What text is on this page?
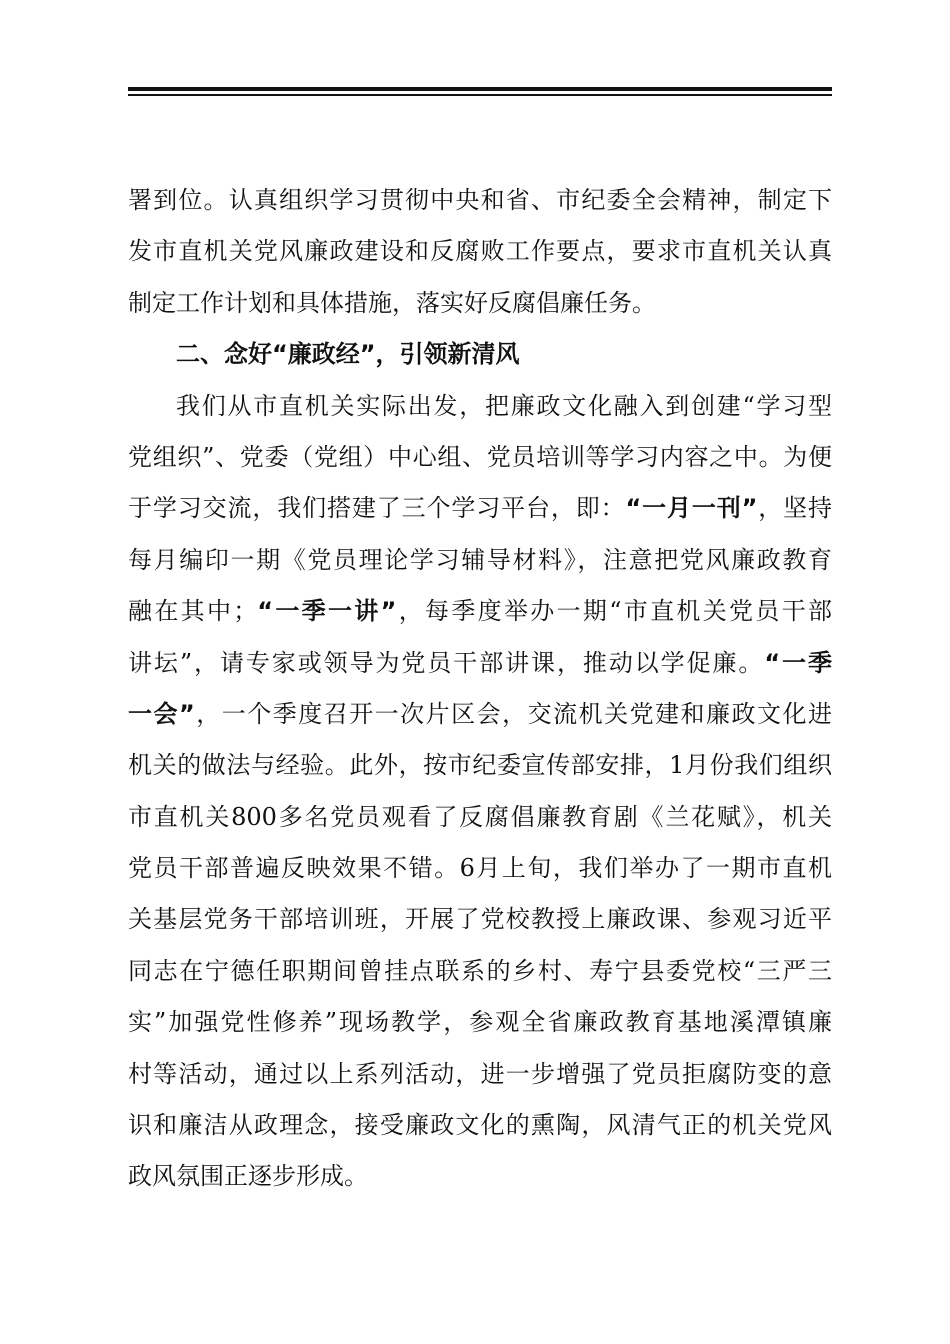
署到位。认真组织学习贯彻中央和省、市纪委全会精神，制定下
发市直机关党风廉政建设和反腐败工作要点，要求市直机关认真
制定工作计划和具体措施，落实好反腐倡廉任务。
二、念好“廉政经”，引领新清风
我们从市直机关实际出发，把廉政文化融入到创建“学习型
党组织”、党委（党组）中心组、党员培训等学习内容之中。为便
于学习交流，我们搭建了三个学习平台，即：“一月一刊”，坚持
每月编印一期《党员理论学习辅导材料》，注意把党风廉政教育
融在其中；“一季一讲”，每季度举办一期“市直机关党员干部
讲坛”，请专家或领导为党员干部讲课，推动以学促廉。“一季
一会”，一个季度召开一次片区会，交流机关党建和廉政文化进
机关的做法与经验。此外，按市纪委宣传部安排，1月份我们组织
市直机关800多名党员观看了反腐倡廉教育剧《兰花赋》，机关
党员干部普遍反映效果不错。6月上旬，我们举办了一期市直机
关基层党务干部培训班，开展了党校教授上廉政课、参观习近平
同志在宁德任职期间曾挂点联系的乡村、寿宁县委党校“三严三
实”加强党性修养”现场教学，参观全省廉政教育基地溪潭镇廉
村等活动，通过以上系列活动，进一步增强了党员拒腐防变的意
识和廉洁从政理念，接受廉政文化的熏陶，风清气正的机关党风
政风氛围正逐步形成。
